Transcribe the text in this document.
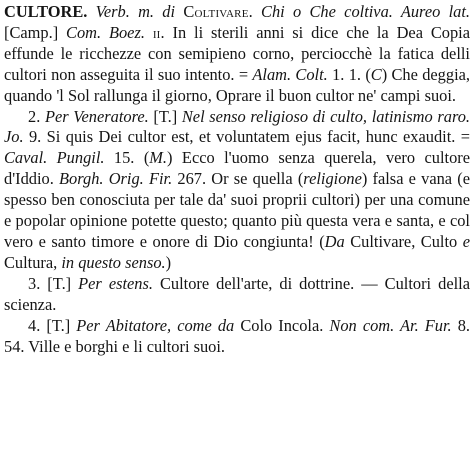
CULTORE. Verb. m. di Coltivare. Chi o Che coltiva. Aureo lat. [Camp.] Com. Boez. ii. In li sterili anni si dice che la Dea Copia effunde le ricchezze con semipieno corno, perciocchè la fatica delli cultori non asseguita il suo intento. = Alam. Colt. 1. 1. (C) Che deggia, quando 'l Sol rallunga il giorno, Oprare il buon cultor ne' campi suoi.

2. Per Veneratore. [T.] Nel senso religioso di culto, latinismo raro. Jo. 9. Si quis Dei cultor est, et voluntatem ejus facit, hunc exaudit. = Caval. Pungil. 15. (M.) Ecco l'uomo senza querela, vero cultore d'Iddio. Borgh. Orig. Fir. 267. Or se quella (religione) falsa e vana (e spesso ben conosciuta per tale da' suoi proprii cultori) per una comune e popolar opinione potette questo; quanto più questa vera e santa, e col vero e santo timore e onore di Dio congiunta! (Da Cultivare, Culto e Cultura, in questo senso.)

3. [T.] Per estens. Cultore dell'arte, di dottrine. — Cultori della scienza.

4. [T.] Per Abitatore, come da Colo Incola. Non com. Ar. Fur. 8. 54. Ville e borghi e li cultori suoi.
